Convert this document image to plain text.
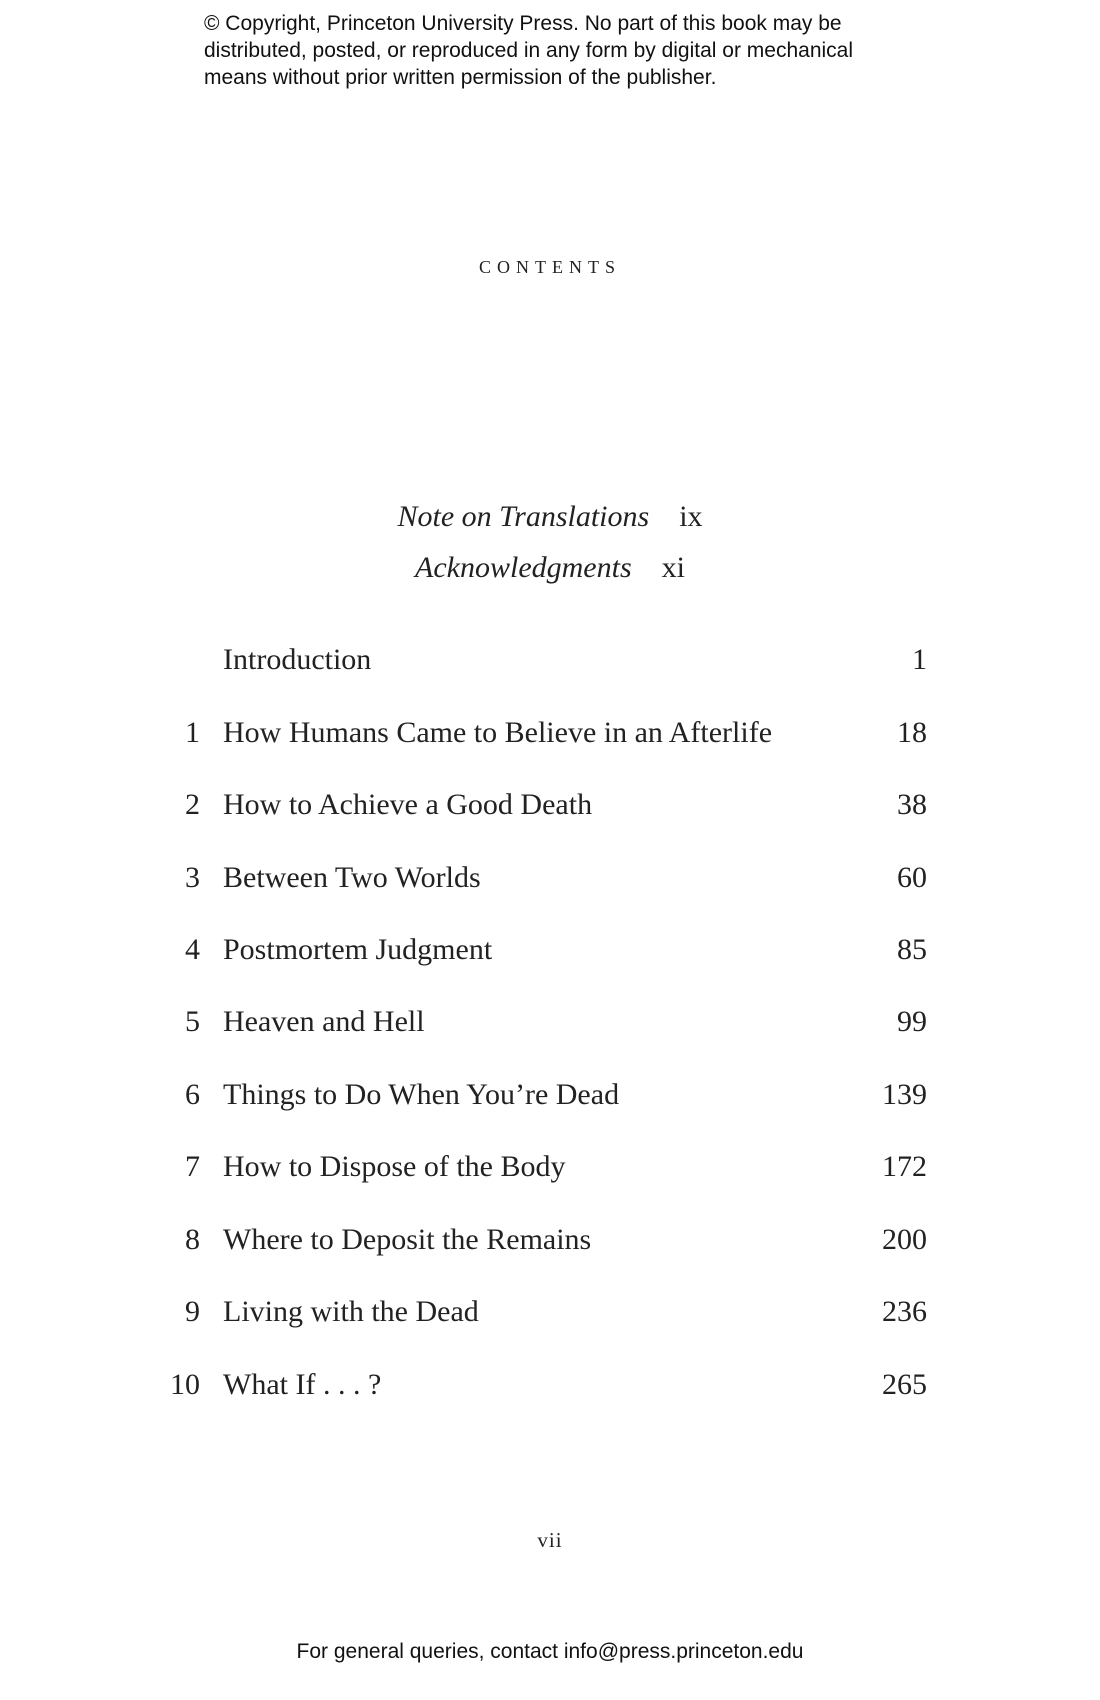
© Copyright, Princeton University Press. No part of this book may be
distributed, posted, or reproduced in any form by digital or mechanical
means without prior written permission of the publisher.
contents
Note on Translations ix
Acknowledgments xi
Introduction	1
1 How Humans Came to Believe in an Afterlife	18
2 How to Achieve a Good Death	38
3 Between Two Worlds	60
4 Postmortem Judgment	85
5 Heaven and Hell	99
6 Things to Do When You’re Dead	139
7 How to Dispose of the Body	172
8 Where to Deposit the Remains	200
9 Living with the Dead	236
10 What If . . . ?	265
vii
For general queries, contact info@press.princeton.edu
